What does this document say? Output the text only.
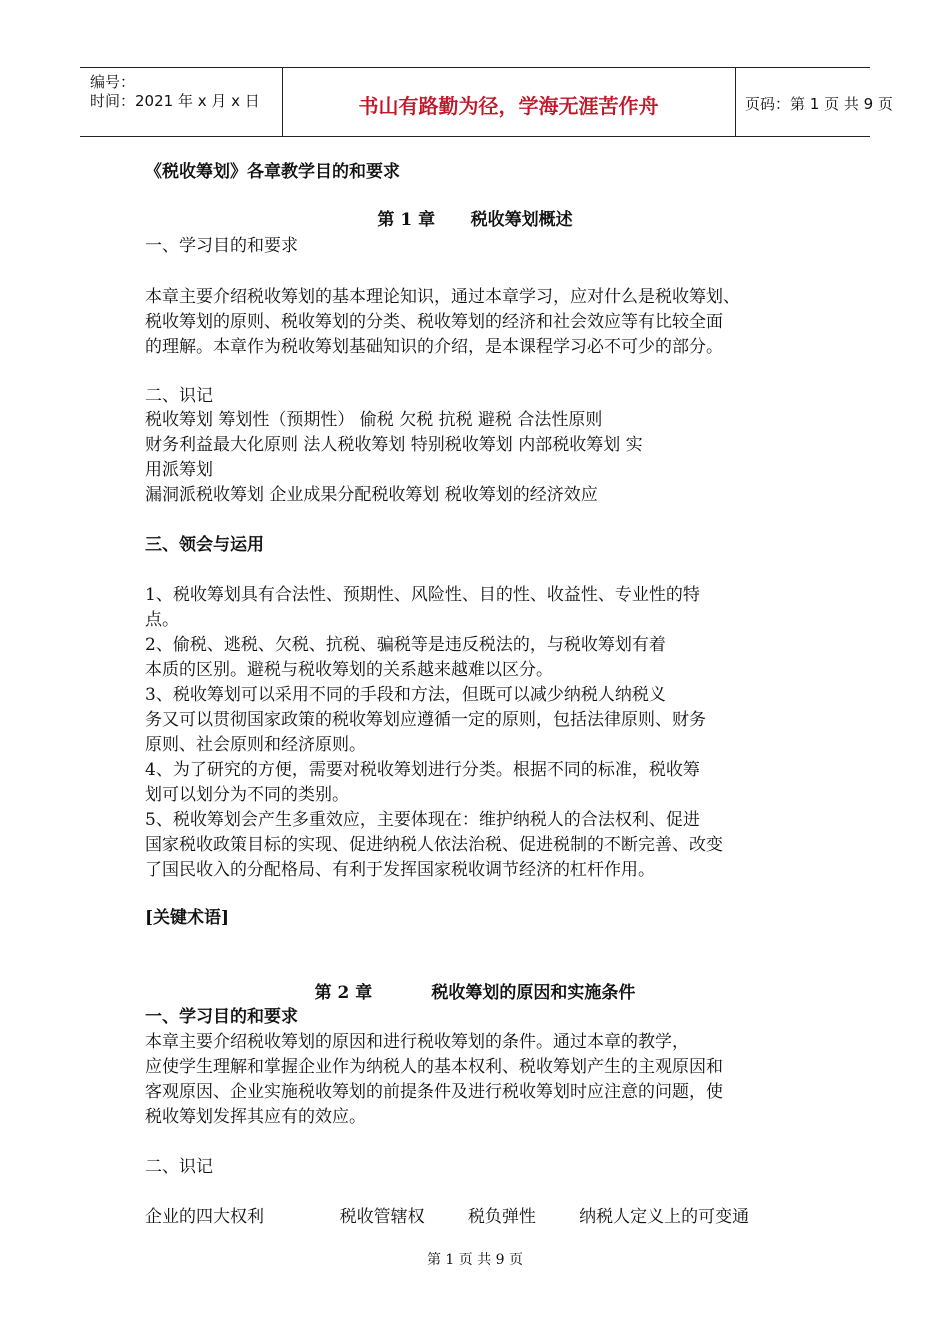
编号：
时间：2021 年 x 月 x 日	书山有路勤为径，学海无涯苦作舟	页码：第 1 页 共 9 页
《税收筹划》各章教学目的和要求
第 1 章      税收筹划概述
一、学习目的和要求
本章主要介绍税收筹划的基本理论知识，通过本章学习，应对什么是税收筹划、
税收筹划的原则、税收筹划的分类、税收筹划的经济和社会效应等有比较全面
的理解。本章作为税收筹划基础知识的介绍，是本课程学习必不可少的部分。
二、识记
税收筹划 筹划性（预期性） 偷税 欠税 抗税 避税 合法性原则
财务利益最大化原则 法人税收筹划 特别税收筹划 内部税收筹划 实
用派筹划
漏洞派税收筹划 企业成果分配税收筹划 税收筹划的经济效应
三、领会与运用
1、税收筹划具有合法性、预期性、风险性、目的性、收益性、专业性的特
点。
2、偷税、逃税、欠税、抗税、骗税等是违反税法的，与税收筹划有着
本质的区别。避税与税收筹划的关系越来越难以区分。
3、税收筹划可以采用不同的手段和方法，但既可以减少纳税人纳税义
务又可以贯彻国家政策的税收筹划应遵循一定的原则，包括法律原则、财务
原则、社会原则和经济原则。
4、为了研究的方便，需要对税收筹划进行分类。根据不同的标准，税收筹
划可以划分为不同的类别。
5、税收筹划会产生多重效应，主要体现在：维护纳税人的合法权利、促进
国家税收政策目标的实现、促进纳税人依法治税、促进税制的不断完善、改变
了国民收入的分配格局、有利于发挥国家税收调节经济的杠杆作用。
[关键术语]
第 2 章          税收筹划的原因和实施条件
一、学习目的和要求
本章主要介绍税收筹划的原因和进行税收筹划的条件。通过本章的教学，
应使学生理解和掌握企业作为纳税人的基本权利、税收筹划产生的主观原因和
客观原因、企业实施税收筹划的前提条件及进行税收筹划时应注意的问题，使
税收筹划发挥其应有的效应。
二、识记
企业的四大权利              税收管辖权        税负弹性        纳税人定义上的可变通
第 1 页 共 9 页
